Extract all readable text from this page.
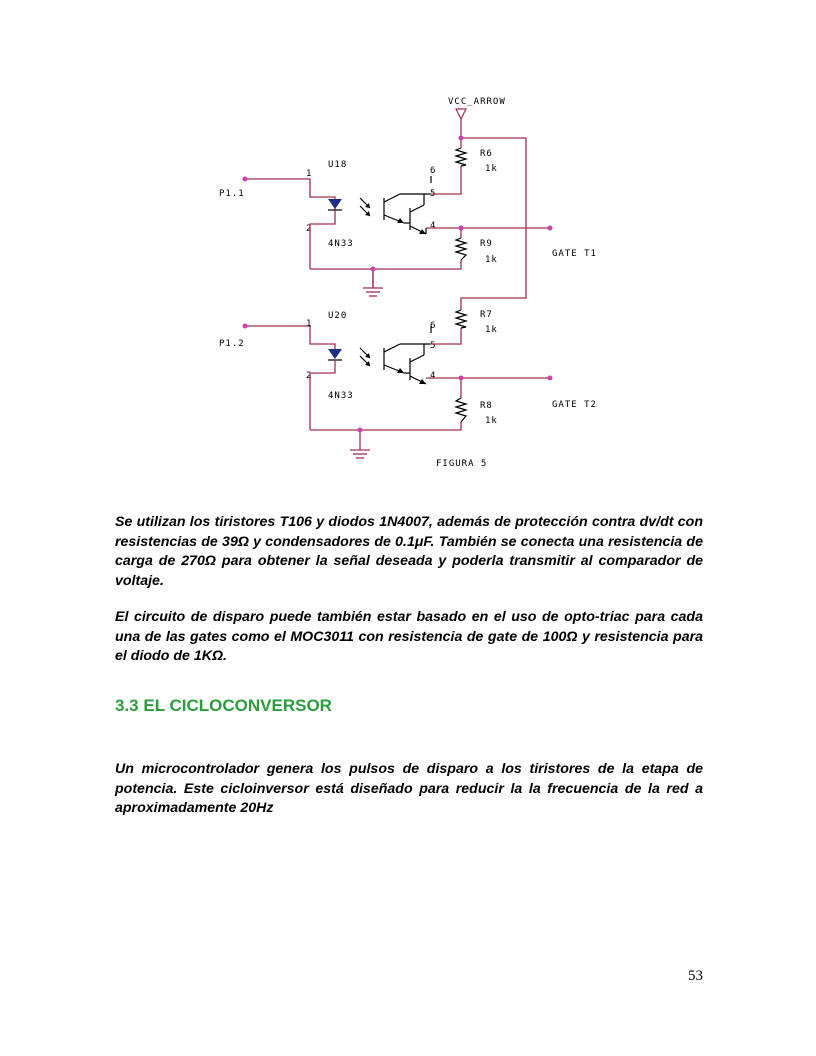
VCC_ARROW
P1.1
U18
1
2
6
5
4
4N33
R6
1k
R9
1k
GATE T1
P1.2
U20
1
2
6
5
4
4N33
R7
1k
R8
1k
GATE T2
FIGURA 5

Se utilizan los tiristores T106 y diodos 1N4007, además de protección contra dv/dt con resistencias de 39Ω y condensadores de 0.1μF. También se conecta una resistencia de carga de 270Ω para obtener la señal deseada y poderla transmitir al comparador de voltaje.

El circuito de disparo puede también estar basado en el uso de opto-triac para cada una de las gates como el MOC3011 con resistencia de gate de 100Ω y resistencia para el diodo de 1KΩ.

3.3 EL CICLOCONVERSOR

Un microcontrolador genera los pulsos de disparo a los tiristores de la etapa de potencia. Este cicloinversor está diseñado para reducir la la frecuencia de la red a aproximadamente 20Hz

53
